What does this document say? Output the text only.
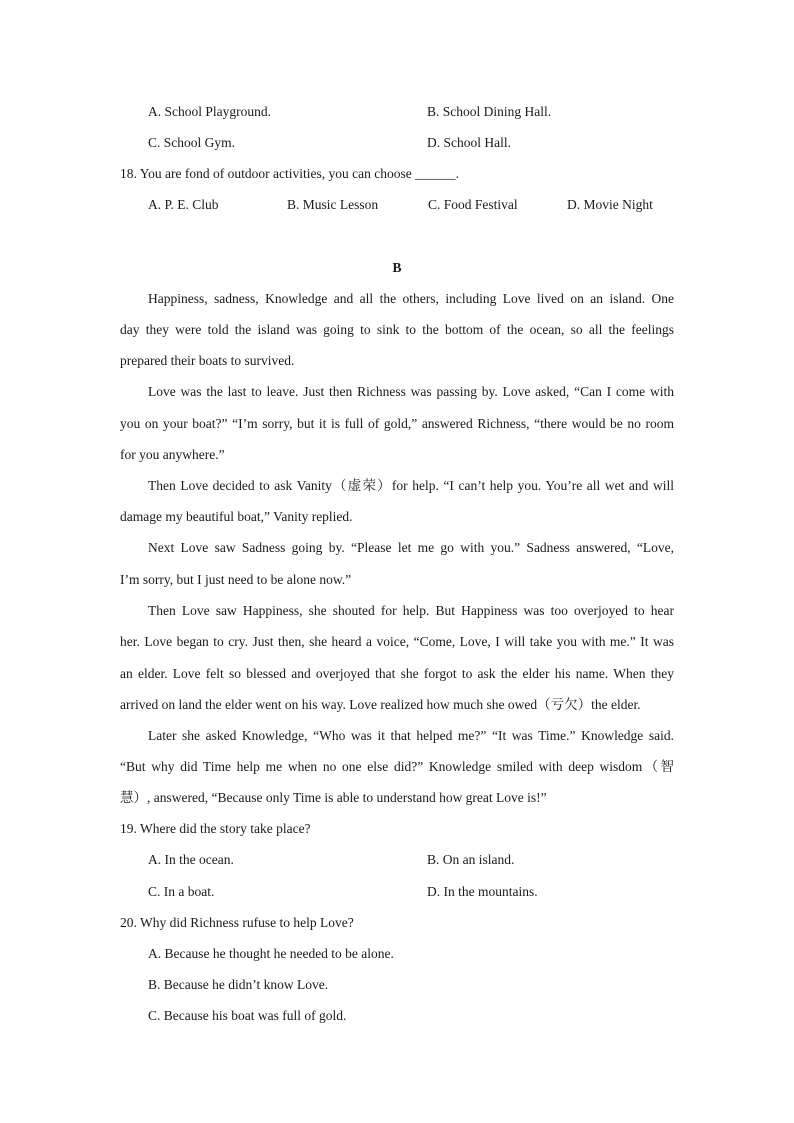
A. School Playground.	B. School Dining Hall.
C. School Gym.	D. School Hall.
18. You are fond of outdoor activities, you can choose ______.
A. P. E. Club	B. Music Lesson	C. Food Festival	D. Movie Night
B
Happiness, sadness, Knowledge and all the others, including Love lived on an island. One
day they were told the island was going to sink to the bottom of the ocean, so all the feelings
prepared their boats to survived.
Love was the last to leave. Just then Richness was passing by. Love asked, “Can I come with
you on your boat?” “I’m sorry, but it is full of gold,” answered Richness, “there would be no room
for you anywhere.”
Then Love decided to ask Vanity（虚荣）for help. “I can’t help you. You’re all wet and will
damage my beautiful boat,” Vanity replied.
Next Love saw Sadness going by. “Please let me go with you.” Sadness answered, “Love,
I’m sorry, but I just need to be alone now.”
Then Love saw Happiness, she shouted for help. But Happiness was too overjoyed to hear
her. Love began to cry. Just then, she heard a voice, “Come, Love, I will take you with me.” It was
an elder. Love felt so blessed and overjoyed that she forgot to ask the elder his name. When they
arrived on land the elder went on his way. Love realized how much she owed（亏欠）the elder.
Later she asked Knowledge, “Who was it that helped me?” “It was Time.” Knowledge said.
“But why did Time help me when no one else did?” Knowledge smiled with deep wisdom（智
慧）, answered, “Because only Time is able to understand how great Love is!”
19. Where did the story take place?
A. In the ocean.	B. On an island.
C. In a boat.	D. In the mountains.
20. Why did Richness rufuse to help Love?
A. Because he thought he needed to be alone.
B. Because he didn’t know Love.
C. Because his boat was full of gold.
